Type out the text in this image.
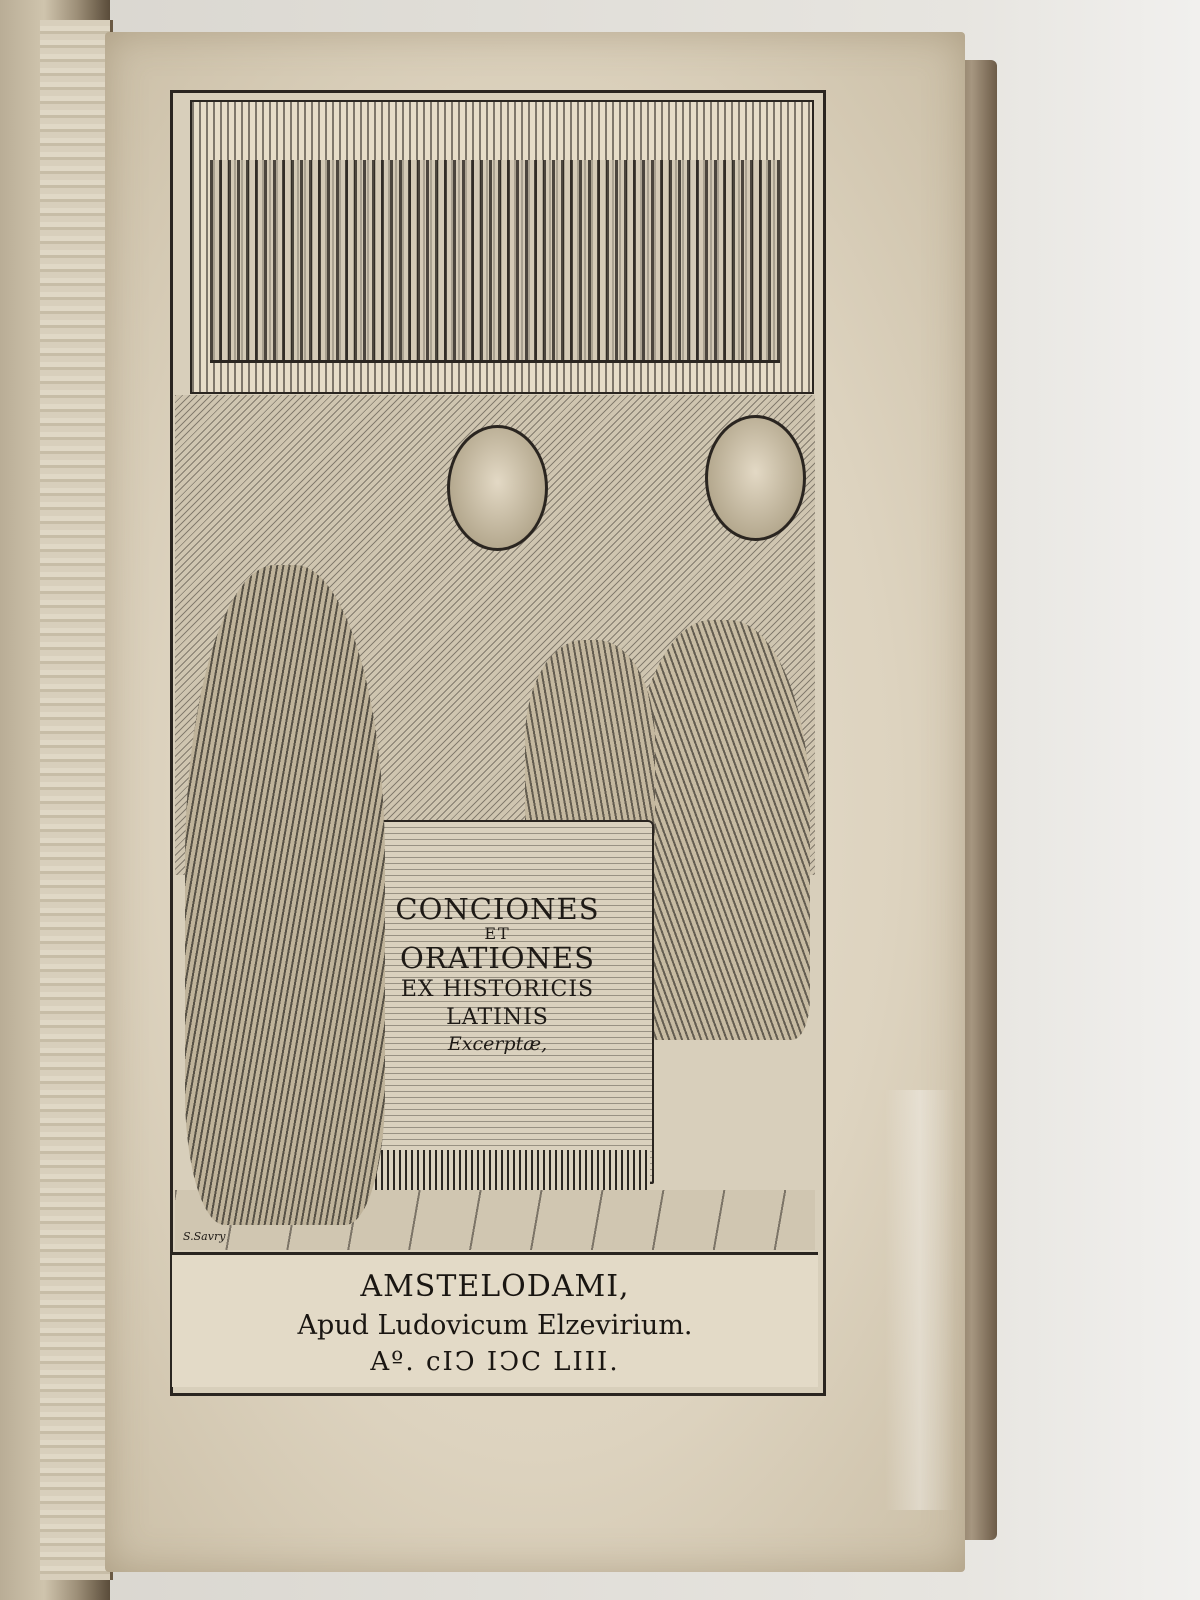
CONCIONES
ET
ORATIONES
EX HISTORICIS
LATINIS
Excerptæ,
S.Savry
AMSTELODAMI,
Apud Ludovicum Elzevirium.
Aº. cIↃ IↃC LIII.
